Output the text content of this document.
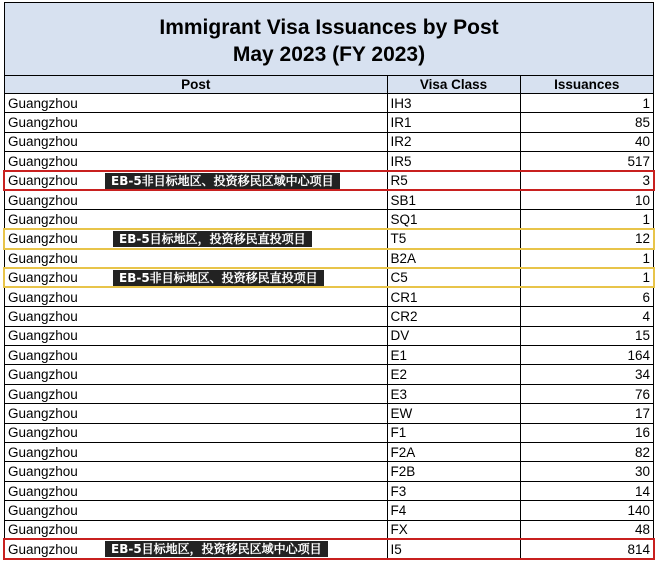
Immigrant Visa Issuances by Post
May 2023 (FY 2023)
Post	Visa Class	Issuances
Guangzhou	IH3	1
Guangzhou	IR1	85
Guangzhou	IR2	40
Guangzhou	IR5	517
Guangzhou EB-5非目标地区、投资移民区域中心项目	R5	3
Guangzhou	SB1	10
Guangzhou	SQ1	1
Guangzhou EB-5目标地区，投资移民直投项目	T5	12
Guangzhou	B2A	1
Guangzhou EB-5非目标地区、投资移民直投项目	C5	1
Guangzhou	CR1	6
Guangzhou	CR2	4
Guangzhou	DV	15
Guangzhou	E1	164
Guangzhou	E2	34
Guangzhou	E3	76
Guangzhou	EW	17
Guangzhou	F1	16
Guangzhou	F2A	82
Guangzhou	F2B	30
Guangzhou	F3	14
Guangzhou	F4	140
Guangzhou	FX	48
Guangzhou EB-5目标地区，投资移民区域中心项目	I5	814
